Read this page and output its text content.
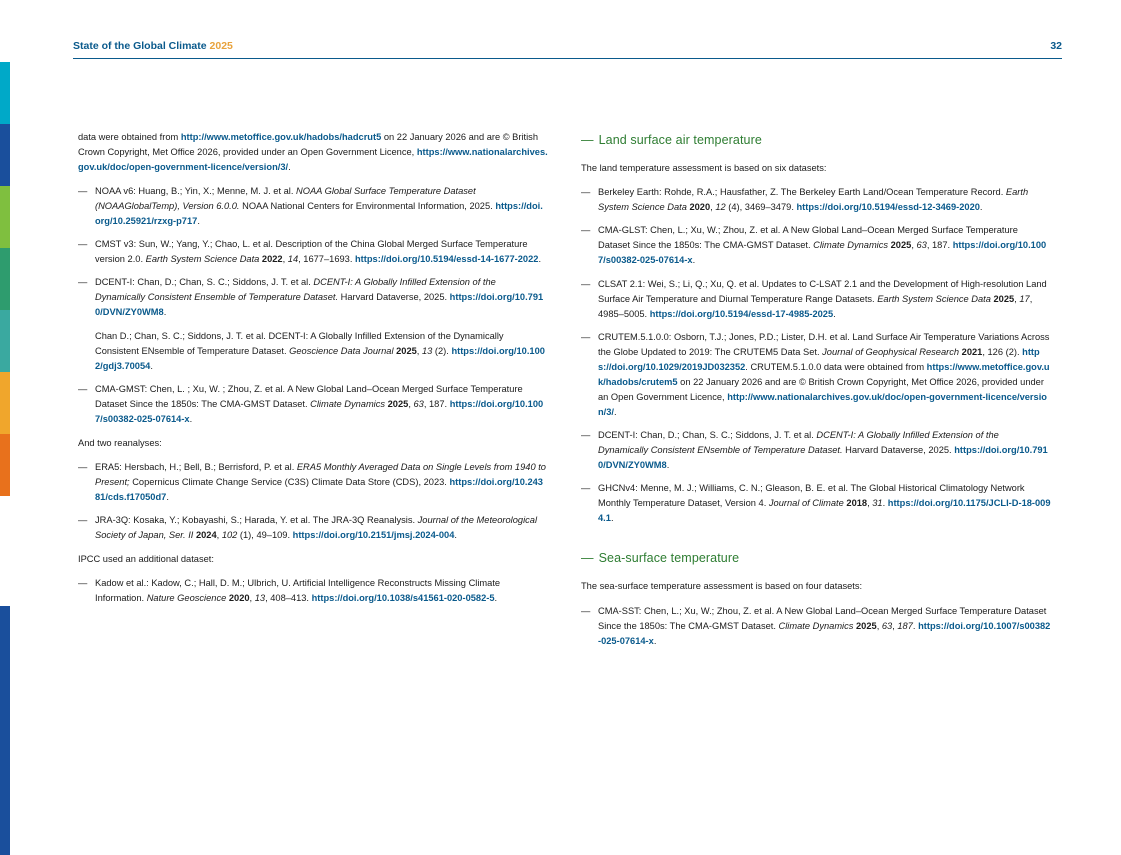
State of the Global Climate 2025	32

data were obtained from http://www.metoffice.gov.uk/hadobs/hadcrut5 on 22 January 2026 and are © British Crown Copyright, Met Office 2026, provided under an Open Government Licence, https://www.nationalarchives.gov.uk/doc/open-government-licence/version/3/.

— NOAA v6: Huang, B.; Yin, X.; Menne, M. J. et al. NOAA Global Surface Temperature Dataset (NOAAGlobalTemp), Version 6.0.0. NOAA National Centers for Environmental Information, 2025. https://doi.org/10.25921/rzxg-p717.
— CMST v3: Sun, W.; Yang, Y.; Chao, L. et al. Description of the China Global Merged Surface Temperature version 2.0. Earth System Science Data 2022, 14, 1677–1693. https://doi.org/10.5194/essd-14-1677-2022.
— DCENT-I: Chan, D.; Chan, S. C.; Siddons, J. T. et al. DCENT-I: A Globally Infilled Extension of the Dynamically Consistent Ensemble of Temperature Dataset. Harvard Dataverse, 2025. https://doi.org/10.7910/DVN/ZY0WM8.
Chan D.; Chan, S. C.; Siddons, J. T. et al. DCENT-I: A Globally Infilled Extension of the Dynamically Consistent ENsemble of Temperature Dataset. Geoscience Data Journal 2025, 13 (2). https://doi.org/10.1002/gdj3.70054.
— CMA-GMST: Chen, L. ; Xu, W. ; Zhou, Z. et al. A New Global Land–Ocean Merged Surface Temperature Dataset Since the 1850s: The CMA-GMST Dataset. Climate Dynamics 2025, 63, 187. https://doi.org/10.1007/s00382-025-07614-x.

And two reanalyses:

— ERA5: Hersbach, H.; Bell, B.; Berrisford, P. et al. ERA5 Monthly Averaged Data on Single Levels from 1940 to Present; Copernicus Climate Change Service (C3S) Climate Data Store (CDS), 2023. https://doi.org/10.24381/cds.f17050d7.
— JRA-3Q: Kosaka, Y.; Kobayashi, S.; Harada, Y. et al. The JRA-3Q Reanalysis. Journal of the Meteorological Society of Japan, Ser. II 2024, 102 (1), 49–109. https://doi.org/10.2151/jmsj.2024-004.

IPCC used an additional dataset:

— Kadow et al.: Kadow, C.; Hall, D. M.; Ulbrich, U. Artificial Intelligence Reconstructs Missing Climate Information. Nature Geoscience 2020, 13, 408–413. https://doi.org/10.1038/s41561-020-0582-5.
— Land surface air temperature

The land temperature assessment is based on six datasets:

— Berkeley Earth: Rohde, R.A.; Hausfather, Z. The Berkeley Earth Land/Ocean Temperature Record. Earth System Science Data 2020, 12 (4), 3469–3479. https://doi.org/10.5194/essd-12-3469-2020.
— CMA-GLST: Chen, L.; Xu, W.; Zhou, Z. et al. A New Global Land–Ocean Merged Surface Temperature Dataset Since the 1850s: The CMA-GMST Dataset. Climate Dynamics 2025, 63, 187. https://doi.org/10.1007/s00382-025-07614-x.
— CLSAT 2.1: Wei, S.; Li, Q.; Xu, Q. et al. Updates to C-LSAT 2.1 and the Development of High-resolution Land Surface Air Temperature and Diurnal Temperature Range Datasets. Earth System Science Data 2025, 17, 4985–5005. https://doi.org/10.5194/essd-17-4985-2025.
— CRUTEM.5.1.0.0: Osborn, T.J.; Jones, P.D.; Lister, D.H. et al. Land Surface Air Temperature Variations Across the Globe Updated to 2019: The CRUTEM5 Data Set. Journal of Geophysical Research 2021, 126 (2). https://doi.org/10.1029/2019JD032352. CRUTEM.5.1.0.0 data were obtained from https://www.metoffice.gov.uk/hadobs/crutem5 on 22 January 2026 and are © British Crown Copyright, Met Office 2026, provided under an Open Government Licence, http://www.nationalarchives.gov.uk/doc/open-government-licence/version/3/.
— DCENT-I: Chan, D.; Chan, S. C.; Siddons, J. T. et al. DCENT-I: A Globally Infilled Extension of the Dynamically Consistent ENsemble of Temperature Dataset. Harvard Dataverse, 2025. https://doi.org/10.7910/DVN/ZY0WM8.
— GHCNv4: Menne, M. J.; Williams, C. N.; Gleason, B. E. et al. The Global Historical Climatology Network Monthly Temperature Dataset, Version 4. Journal of Climate 2018, 31. https://doi.org/10.1175/JCLI-D-18-0094.1.
— Sea-surface temperature

The sea-surface temperature assessment is based on four datasets:

— CMA-SST: Chen, L.; Xu, W.; Zhou, Z. et al. A New Global Land–Ocean Merged Surface Temperature Dataset Since the 1850s: The CMA-GMST Dataset. Climate Dynamics 2025, 63, 187. https://doi.org/10.1007/s00382-025-07614-x.
